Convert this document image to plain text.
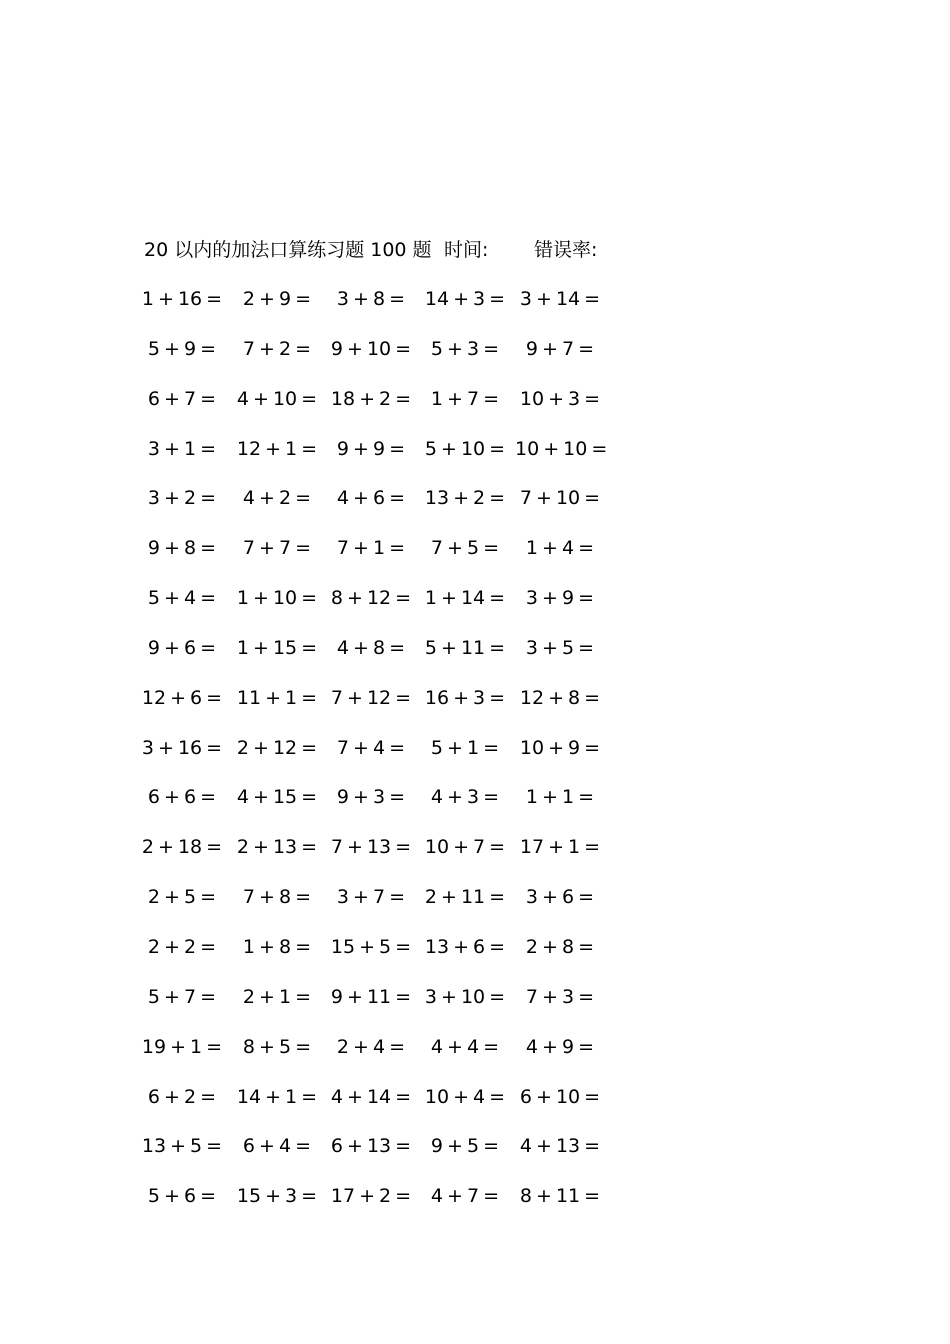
20 以内的加法口算练习题 100 题 时间: 错误率:
1 + 16 =	2 + 9 =	3 + 8 =	14 + 3 = 3 + 14 =
5 + 9 =	7 + 2 =	9 + 10 =	5 + 3 =	9 + 7 =
6 + 7 =	4 + 10 = 18 + 2 =	1 + 7 =	10 + 3 =
3 + 1 =	12 + 1 =	9 + 9 =	5 + 10 = 10 + 10 =
3 + 2 =	4 + 2 =	4 + 6 =	13 + 2 = 7 + 10 =
9 + 8 =	7 + 7 =	7 + 1 =	7 + 5 =	1 + 4 =
5 + 4 =	1 + 10 = 8 + 12 = 1 + 14 =	3 + 9 =
9 + 6 =	1 + 15 =	4 + 8 =	5 + 11 =	3 + 5 =
12 + 6 = 11 + 1 = 7 + 12 = 16 + 3 = 12 + 8 =
3 + 16 = 2 + 12 =	7 + 4 =	5 + 1 =	10 + 9 =
6 + 6 =	4 + 15 =	9 + 3 =	4 + 3 =	1 + 1 =
2 + 18 = 2 + 13 = 7 + 13 = 10 + 7 = 17 + 1 =
2 + 5 =	7 + 8 =	3 + 7 =	2 + 11 =	3 + 6 =
2 + 2 =	1 + 8 =	15 + 5 = 13 + 6 =	2 + 8 =
5 + 7 =	2 + 1 =	9 + 11 = 3 + 10 =	7 + 3 =
19 + 1 =	8 + 5 =	2 + 4 =	4 + 4 =	4 + 9 =
6 + 2 =	14 + 1 = 4 + 14 = 10 + 4 = 6 + 10 =
13 + 5 =	6 + 4 =	6 + 13 =	9 + 5 =	4 + 13 =
5 + 6 =	15 + 3 = 17 + 2 =	4 + 7 =	8 + 11 =
